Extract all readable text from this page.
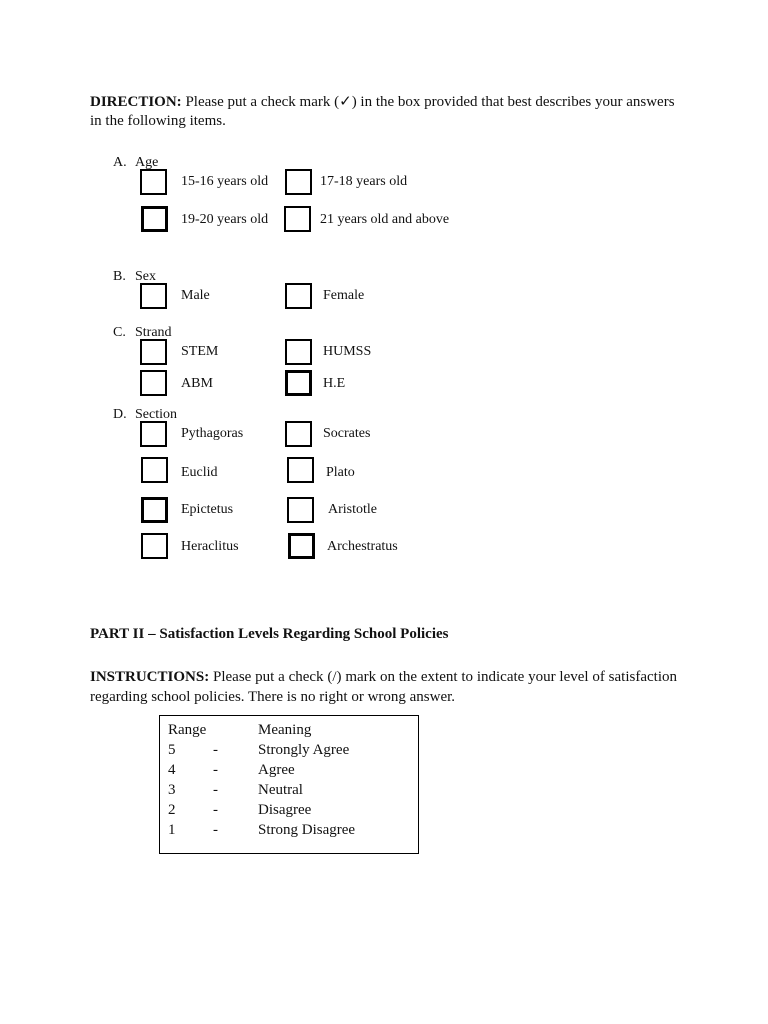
DIRECTION: Please put a check mark (✓) in the box provided that best describes your answers in the following items.
A. Age
15-16 years old	17-18 years old
19-20 years old	21 years old and above
B. Sex
Male	Female
C. Strand
STEM	HUMSS
ABM	H.E
D. Section
Pythagoras	Socrates
Euclid	Plato
Epictetus	Aristotle
Heraclitus	Archestratus
PART II – Satisfaction Levels Regarding School Policies
INSTRUCTIONS: Please put a check (/) mark on the extent to indicate your level of satisfaction regarding school policies. There is no right or wrong answer.
Range	Meaning
5	-	Strongly Agree
4	-	Agree
3	-	Neutral
2	-	Disagree
1	-	Strong Disagree
